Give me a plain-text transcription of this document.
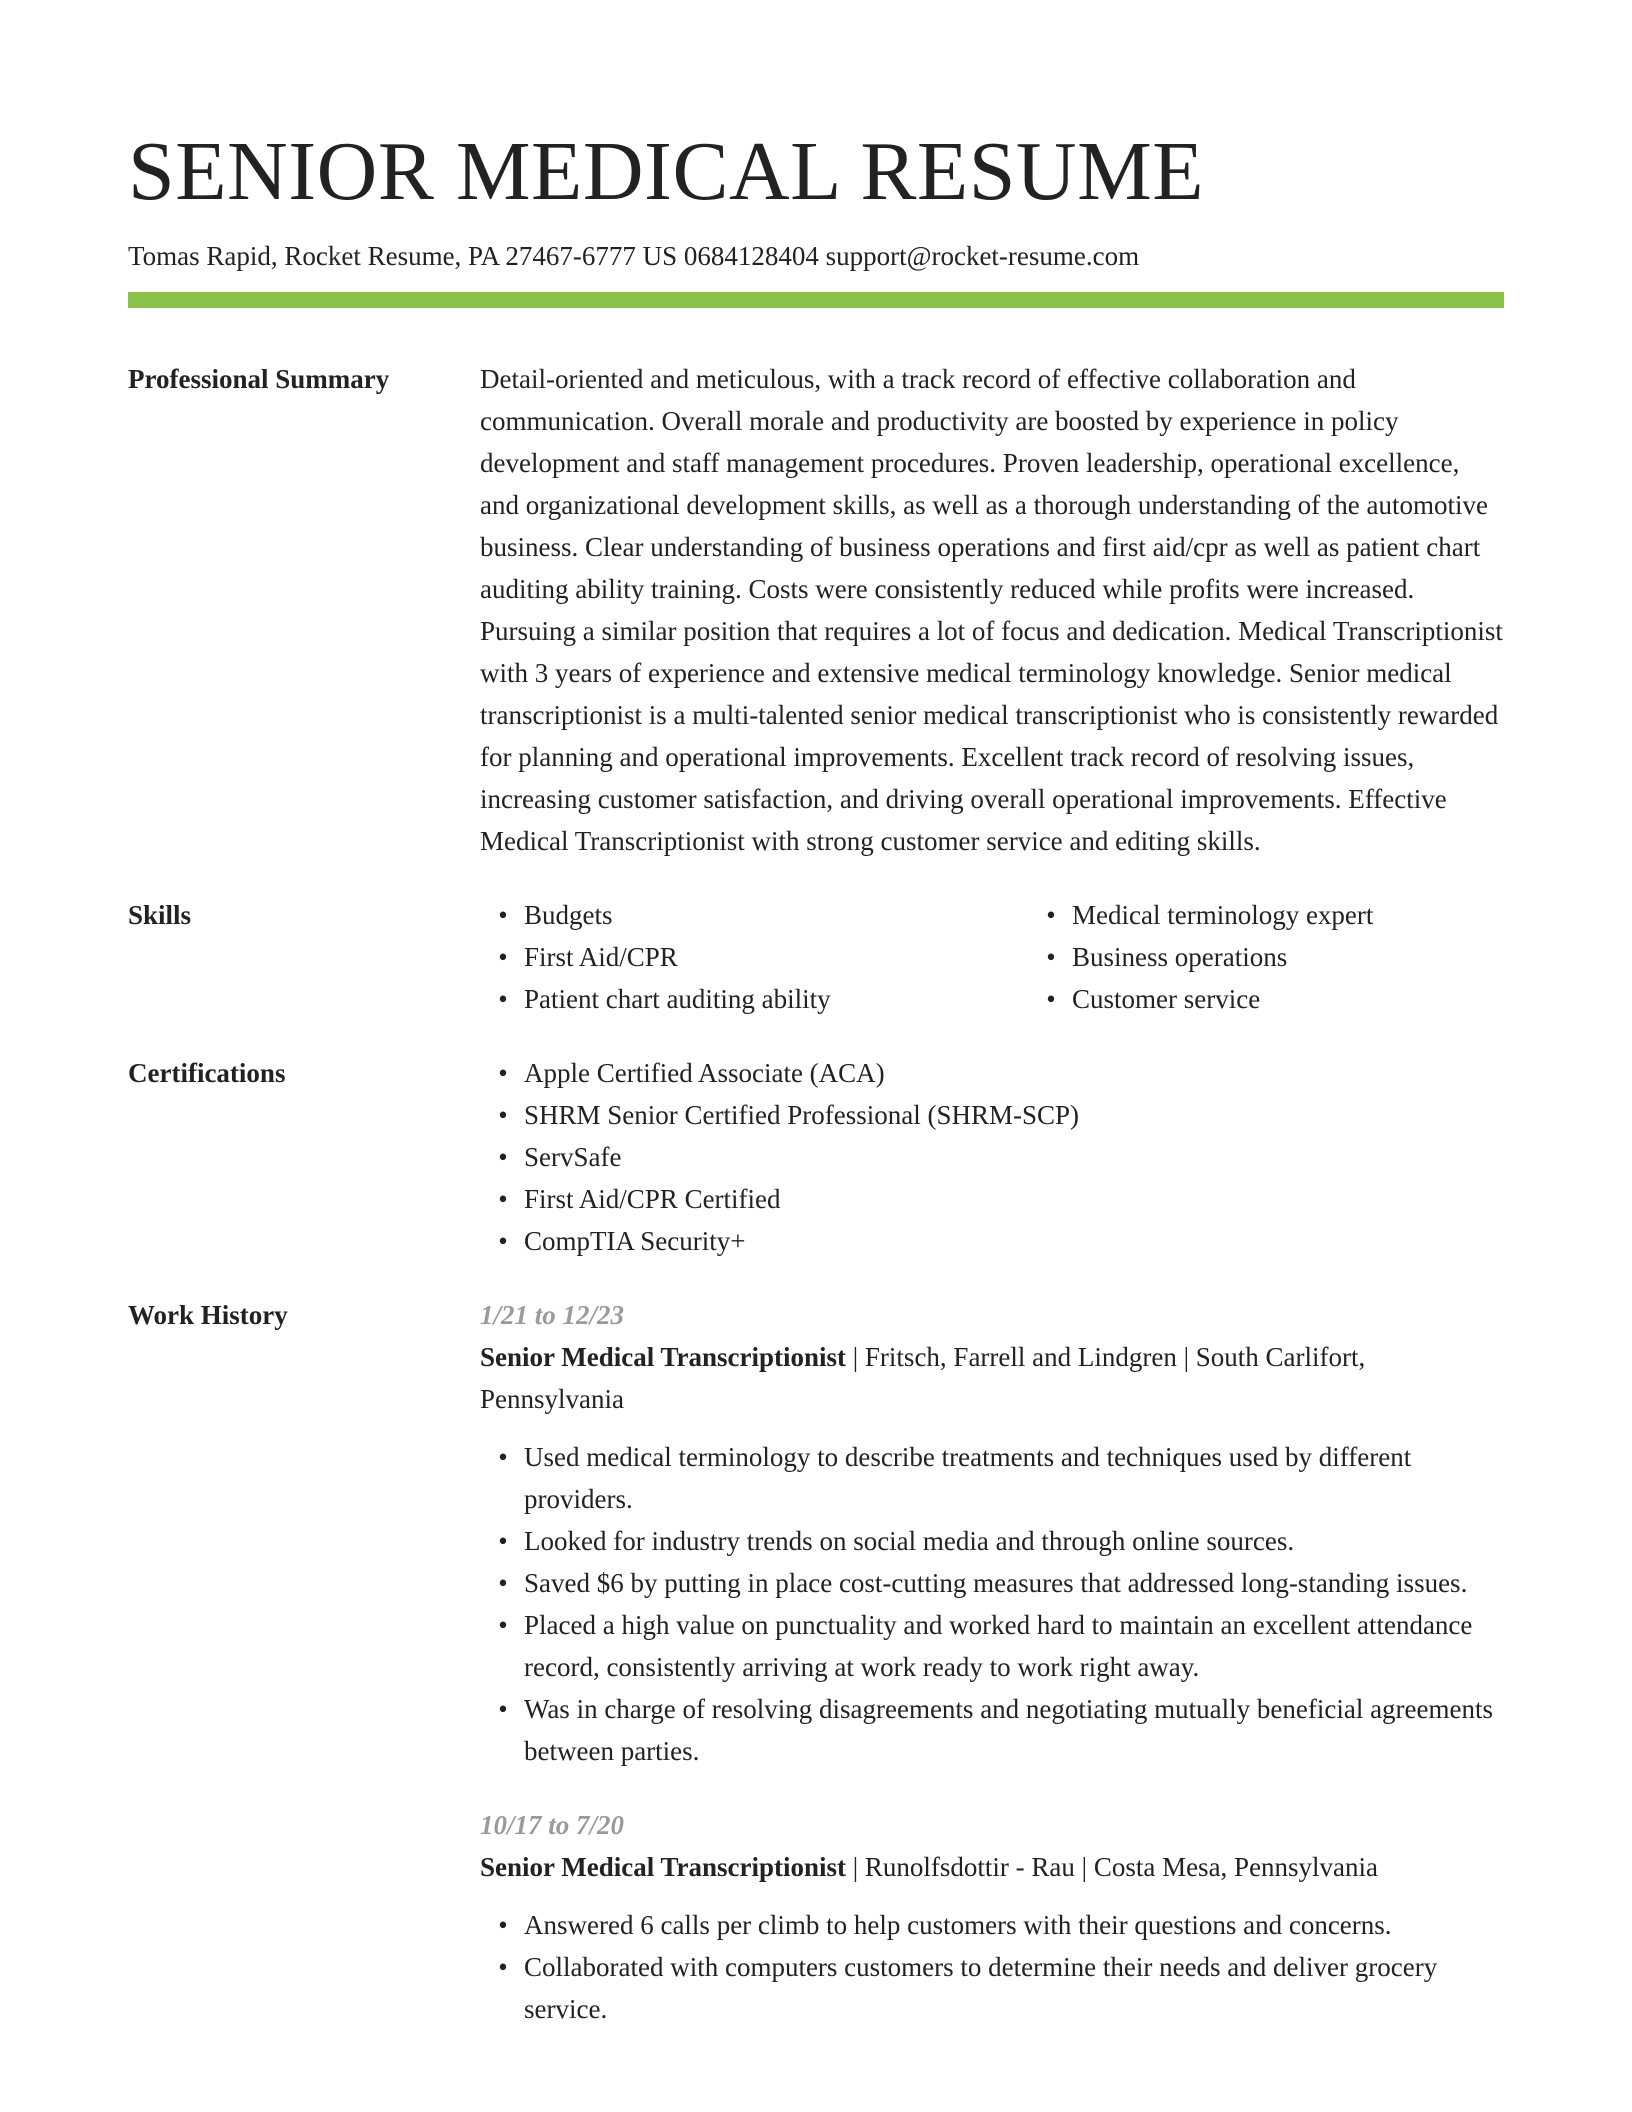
SENIOR MEDICAL RESUME
Tomas Rapid, Rocket Resume, PA 27467-6777 US 0684128404 support@rocket-resume.com
Professional Summary	Detail-oriented and meticulous, with a track record of effective collaboration and communication. Overall morale and productivity are boosted by experience in policy development and staff management procedures. Proven leadership, operational excellence, and organizational development skills, as well as a thorough understanding of the automotive business. Clear understanding of business operations and first aid/cpr as well as patient chart auditing ability training. Costs were consistently reduced while profits were increased. Pursuing a similar position that requires a lot of focus and dedication. Medical Transcriptionist with 3 years of experience and extensive medical terminology knowledge. Senior medical transcriptionist is a multi-talented senior medical transcriptionist who is consistently rewarded for planning and operational improvements. Excellent track record of resolving issues, increasing customer satisfaction, and driving overall operational improvements. Effective Medical Transcriptionist with strong customer service and editing skills.
Skills	• Budgets
• First Aid/CPR
• Patient chart auditing ability
• Medical terminology expert
• Business operations
• Customer service
Certifications	• Apple Certified Associate (ACA)
• SHRM Senior Certified Professional (SHRM-SCP)
• ServSafe
• First Aid/CPR Certified
• CompTIA Security+
Work History	1/21 to 12/23
Senior Medical Transcriptionist | Fritsch, Farrell and Lindgren | South Carlifort, Pennsylvania
• Used medical terminology to describe treatments and techniques used by different providers.
• Looked for industry trends on social media and through online sources.
• Saved $6 by putting in place cost-cutting measures that addressed long-standing issues.
• Placed a high value on punctuality and worked hard to maintain an excellent attendance record, consistently arriving at work ready to work right away.
• Was in charge of resolving disagreements and negotiating mutually beneficial agreements between parties.
10/17 to 7/20
Senior Medical Transcriptionist | Runolfsdottir - Rau | Costa Mesa, Pennsylvania
• Answered 6 calls per climb to help customers with their questions and concerns.
• Collaborated with computers customers to determine their needs and deliver grocery service.
